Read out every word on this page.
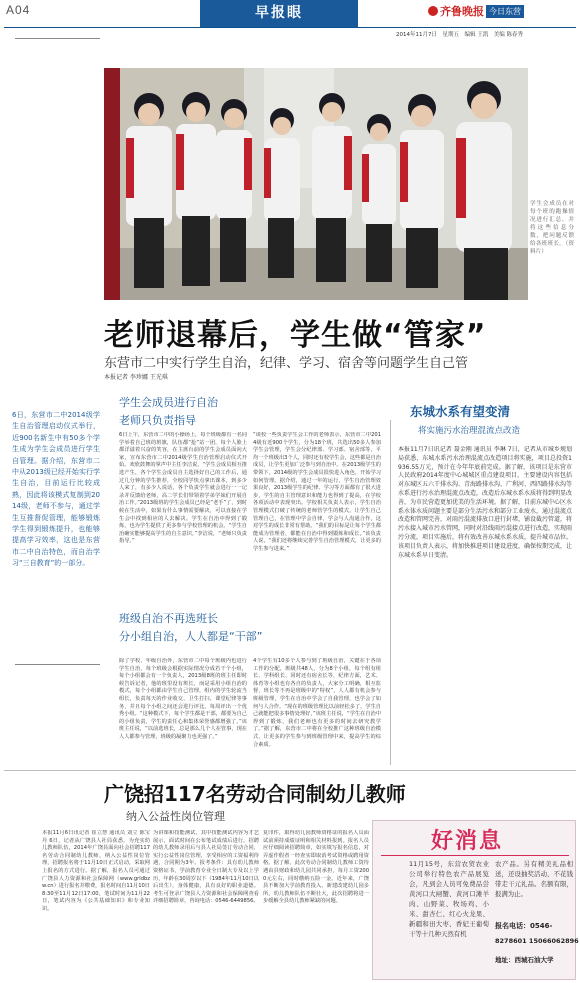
A04	早报眼	齐鲁晚报 今日东营
2014年11月7日　星期五　编辑 王凯　美编 陈春秀
学生会成员在对每个班的跑操情况进行汇总，并将这些信息分数，把问题反馈给各班班长。（资料片）
老师退幕后，学生做“管家”
东营市二中实行学生自治，纪律、学习、宿舍等问题学生自己管
本报记者 李珍娜 王光琪
6日，东营市二中2014级学生自治管理启动仪式举行，近900名新生中有50多个学生成为学生会成员进行学生自管理。据介绍，东营市二中从2013级已经开始实行学生自治，目前运行比较成熟，因此将该模式复制到2014级，老师不参与，通过学生互推督促管理，能够锻炼学生得到锻炼提升，也能够提高学习效率，这也是东营市二中自治特色，而自治学习“三自教育”的一部分。
学生会成员进行自治
老师只负责指导
6日上午，东营市二中的小操场上，每个班级都有一名同学举着自己班的班旗，队伍都“抢”站一团，每个人脸上都洋溢着兴奋的笑容，在主席台前的学生会成员面向大家，宣布东营市二中2014级学生自治管理启动仪式开始。欢欣鼓舞的掌声中主任李洁说，“学生会成员相互推选产生，各个学生会成员自主选择好自己的工作后，通过几分钟的学生推荐，全校同学快点拿出课本，到多少人来了，有多少人说话，各个负责学生就会进行一一记录并反馈给老师，高二学长们带领着学弟学妹们开展自治工作。”2013级班的学生会成员已经是“老手”了，到时候在生活中，如果有什么事情需要解决，可以直接在学生会中找到相应的人去解决。学生在自治中得到了锻炼，也为学生提供了更多参与学校管理的机会。“学生自治确实能够提高学生的自主意识，”李洁说，“老师只负责指导。”
“谈校一些负责学生会工作的老师表示，东营市二中2014级有近900个学生，分为18个班，共选出50多人参加学生会管理，学生会分纪律部、学习部、宿舍部等，平均一个班级出3个人，同时还有校学生会，这些都是自治成员，让学生更加广泛参与到自治中。在2013级学生的带领下，2014级的学生会成员很快进入角色，开始学习如何管理。据介绍，通过一年的运行，学生自治管理效果良好，2013级学生的纪律、学习等方面都有了很大进步，学生的自主管理意识和能力也得到了提高，在学校各项活动中表现突出。学校相关负责人表示，学生自治管理模式打破了传统的老师管学生的模式，让学生自己管理自己，在管理中学会自律，学会与人沟通合作，这对学生的成长非常有帮助。“我们的目标是让每个学生都能成为管理者，都能在自治中得到锻炼和成长，”该负责人说，“我们还将继续完善学生自治管理模式，让更多的学生参与进来。”
班级自治不再选班长
分小组自治，人人都是“干部”
除了学校、年级自治外，东营市二中每个班级内也进行学生自治，每个班级会根据实际情况分成若干个小组，每个小组都会有一个负责人，2013级8班的班主任即时候告诉记者，他的班里没有班长，而是采用小组自治的模式，每个小组都由学生自己管理，组内的学生轮流当组长，负责每天的作业收交、卫生打扫、课堂纪律等事务，并且每个小组之间还会进行评比，每周评出一个优秀小组。“这种模式下，每个学生都是干部，都要为自己的小组负责，学生的责任心和集体荣誉感都增强了，”该班主任说，“以前选班长，总是那么几个人在管事，现在人人都参与管理，班级的凝聚力也更强了。”
4个学生有10多个人参与到了班级自治，关键在于各项工作的分配，班级共48人，分为8个小组，每个组有组长、学科组长、同时还有宿舍长等，纪律方面，艺术、体育等小组也有各自的负责人，大家分工明确，相互监督，班长等不再是班级中的“特权”，人人都有机会参与班级管理，学生在自治中学会了自我管理，也学会了如何与人合作。“现在的班级管理比以前轻松多了，学生自己就能把很多事情处理好，”该班主任说，“学生在自治中得到了锻炼，我们老师也有更多的时间去研究教学了。”据了解，东营市二中将在全校推广这种班级自治模式，让更多的学生参与到班级管理中来，提高学生的综合素质。
东城水系有望变清
将实施污水治理混流点改造
本报11月7日讯记者 聂金刚 通讯员 李琳 7日，记者从市城乡规划局获悉，东城水系污水治理混流点改造项目将实施，项目总投资1936.55万元，预计在今年年底前完成。据了解，该项目是东营市人民政府2014年度中心城城区重点建设项目，主要建设内容包括对东城区五六干排水沟、青海路排水沟、广利河、西四路排水沟等水系进行污水治理混流点改造，改造后东城水系水质将得到明显改善，为市民营造更加优美的生活环境。据了解，目前东城中心区水系水体水质问题主要是部分生活污水和部分工业废水，通过混流点改造和管网完善，对雨污混流排放口进行封堵，铺设截污管道，将污水接入城市污水管网，同时对沿线雨污混接点进行改造，实现雨污分流。项目实施后，将有效改善东城水系水质，提升城市品位。该项目负责人表示，将加快推进项目建设进度，确保按期完成，让东城水系早日变清。
广饶招117名劳动合同制幼儿教师
纳入公益性岗位管理
本报11月6日讯记者 崔立慧 通讯员 刘立 陈宝丹 6日，记者从广饶县人社局获悉，为充实幼儿教师队伍，2014年广饶县面向社会招聘117名劳动合同制幼儿教师，纳入公益性岗位管理，招聘报名将于11月10日正式启动，采取网上报名的方式进行。据了解，报名人员可通过广饶县人力资源和社会保障网（www.grldbzw.cn）进行报名并缴费，报名时间自11月10日8:30至11月12日17:00，笔试时间为11月22日，笔试内容为《公共基础知识》和专业知识。
为讲课和技能测试，其中技能测试内容为才艺展示，面试时间在公布笔试成绩后进行。招聘的幼儿教师录用后与县人社局签订劳动合同，实行公益性岗位管理，享受相应的工资福利待遇，合同期为3年。报考条件：具有幼儿教师资格证书，学前教育专业全日制大专及以上学历，年龄在30周岁以下（1984年11月10日以后出生），身体健康，具有良好的职业道德。考生可登录广饶县人力资源和社会保障网查看详细招聘简章，咨询电话：0546-6449856。
复印件，取得幼儿园教师资格证的报名人员面试前须持成绩证明和相关材料报到。报名人员应仔细阅读招聘简章，如实填写报名信息，对弄虚作假者一经查实即取消考试资格或聘用资格。据了解，此次劳动合同制幼儿教师工资待遇由县财政和幼儿园共同承担，每月工资2000元左右，同时缴纳五险一金。近年来，广饶县不断加大学前教育投入，新建改建幼儿园多所，幼儿教师队伍不断壮大，此次招聘将进一步缓解全县幼儿教师紧缺的问题。
好消息
11月15号，东营农贸农业公司举行特色农产品展览会，凡到会人员可免费品尝黄河口大闸蟹、黄河口滩羊肉、山野菜、牧场鸡、小米、甜杏仁、红心火龙果、新疆和田大枣、香妃王葡萄干等十几种天然有机
农产品。另有精美礼品相送，还设抽奖活动，不花钱带走干元礼品。名额有限，报满为止。
报名电话：0546-
8278601 15066062896
地址：西城石油大学
